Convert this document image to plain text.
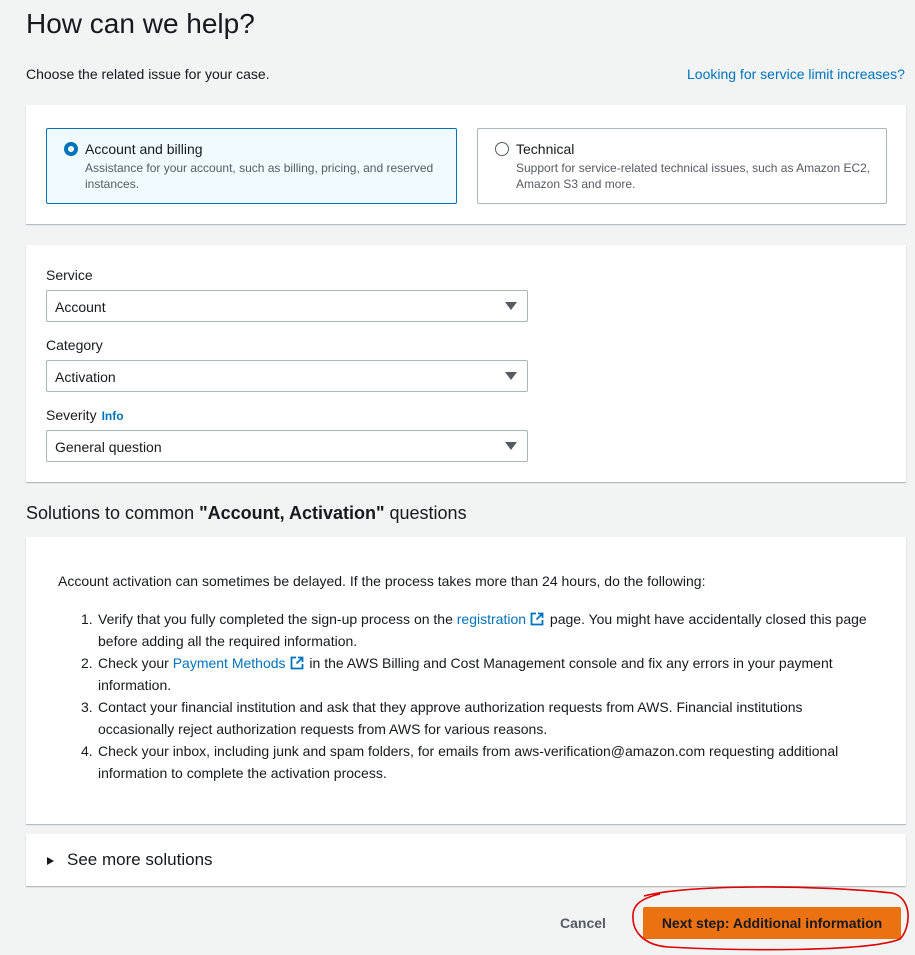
How can we help?
Choose the related issue for your case.	Looking for service limit increases?
Account and billing
Assistance for your account, such as billing, pricing, and reserved instances.
Technical
Support for service-related technical issues, such as Amazon EC2, Amazon S3 and more.
Service
Account
Category
Activation
Severity Info
General question
Solutions to common "Account, Activation" questions
Account activation can sometimes be delayed. If the process takes more than 24 hours, do the following:
1. Verify that you fully completed the sign-up process on the registration page. You might have accidentally closed this page before adding all the required information.
2. Check your Payment Methods in the AWS Billing and Cost Management console and fix any errors in your payment information.
3. Contact your financial institution and ask that they approve authorization requests from AWS. Financial institutions occasionally reject authorization requests from AWS for various reasons.
4. Check your inbox, including junk and spam folders, for emails from aws-verification@amazon.com requesting additional information to complete the activation process.
See more solutions
Cancel	Next step: Additional information
